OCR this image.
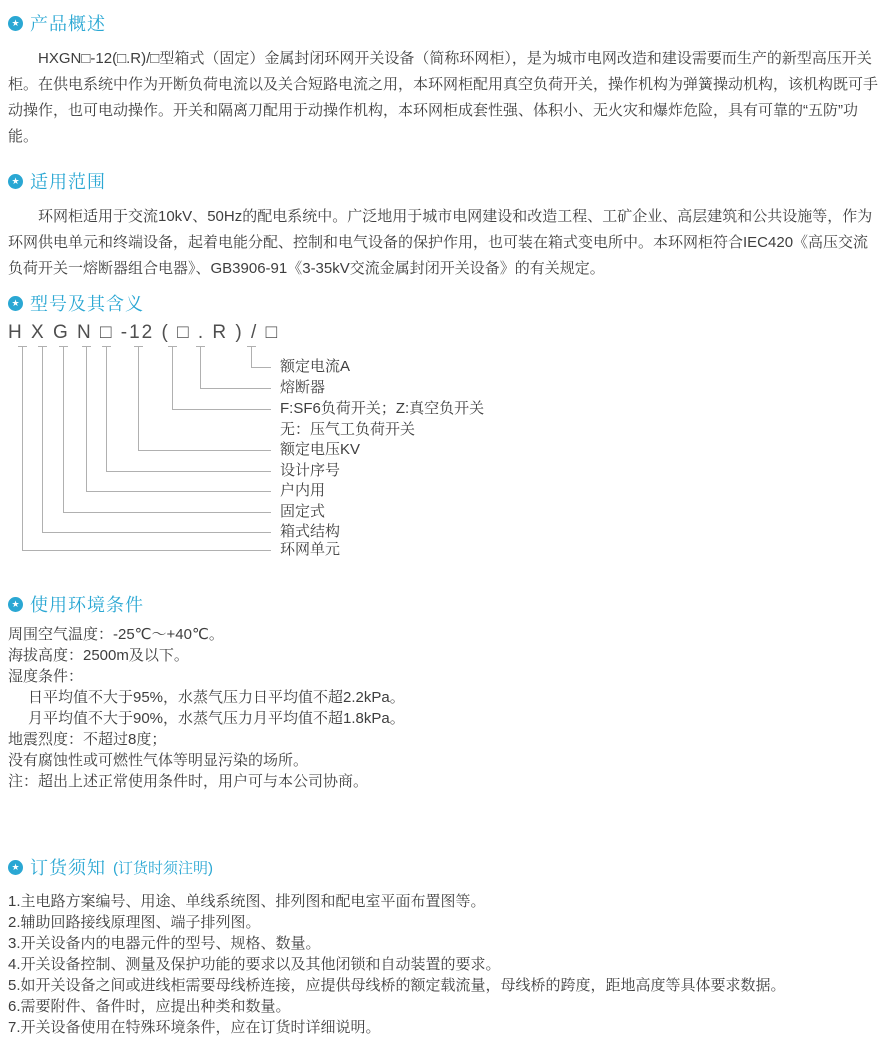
★ 产品概述

HXGN□-12(□.R)/□型箱式（固定）金属封闭环网开关设备（简称环网柜），是为城市电网改造和建设需要而生产的新型高压开关柜。在供电系统中作为开断负荷电流以及关合短路电流之用，本环网柜配用真空负荷开关，操作机构为弹簧操动机构，该机构既可手动操作，也可电动操作。开关和隔离刀配用于动操作机构，本环网柜成套性强、体积小、无火灾和爆炸危险，具有可靠的“五防”功能。

★ 适用范围

环网柜适用于交流10kV、50Hz的配电系统中。广泛地用于城市电网建设和改造工程、工矿企业、高层建筑和公共设施等，作为环网供电单元和终端设备，起着电能分配、控制和电气设备的保护作用，也可装在箱式变电所中。本环网柜符合IEC420《高压交流负荷开关一熔断器组合电器》、GB3906-91《3-35kV交流金属封闭开关设备》的有关规定。

★ 型号及其含义
H X G N □ -12 ( □ . R ) / □
额定电流A
熔断器
F:SF6负荷开关；Z:真空负开关
无：压气工负荷开关
额定电压KV
设计序号
户内用
固定式
箱式结构
环网单元
★ 使用环境条件
周围空气温度：-25℃～+40℃。
海拔高度：2500m及以下。
湿度条件：
日平均值不大于95%，水蒸气压力日平均值不超2.2kPa。
月平均值不大于90%，水蒸气压力月平均值不超1.8kPa。
地震烈度：不超过8度；
没有腐蚀性或可燃性气体等明显污染的场所。
注：超出上述正常使用条件时，用户可与本公司协商。
★ 订货须知 (订货时须注明)
1.主电路方案编号、用途、单线系统图、排列图和配电室平面布置图等。
2.辅助回路接线原理图、端子排列图。
3.开关设备内的电器元件的型号、规格、数量。
4.开关设备控制、测量及保护功能的要求以及其他闭锁和自动装置的要求。
5.如开关设备之间或进线柜需要母线桥连接，应提供母线桥的额定载流量，母线桥的跨度，距地高度等具体要求数据。
6.需要附件、备件时，应提出种类和数量。
7.开关设备使用在特殊环境条件，应在订货时详细说明。
